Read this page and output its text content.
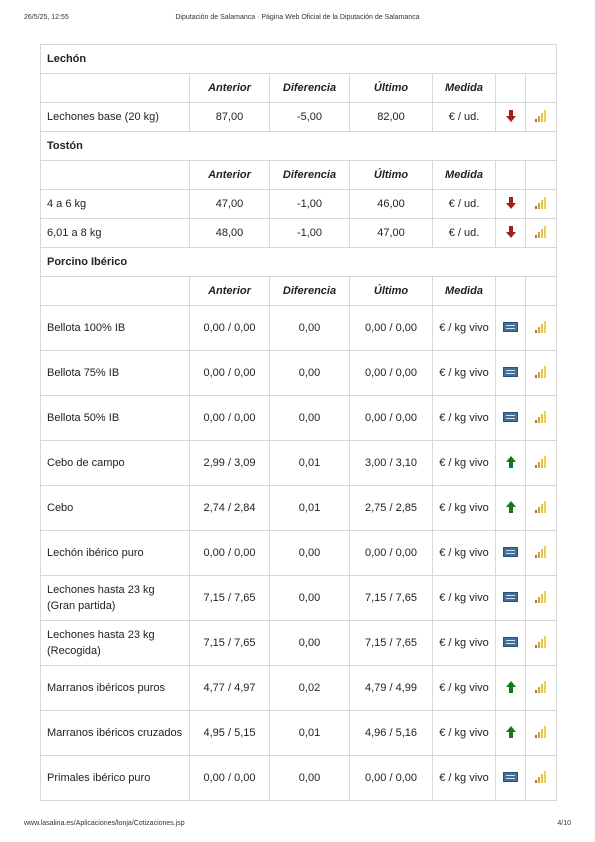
26/5/25, 12:55	Diputación de Salamanca · Página Web Oficial de la Diputación de Salamanca
Lechón						
	Anterior	Diferencia	Último	Medida		
Lechones base (20 kg)	87,00	-5,00	82,00	€ / ud.		

Tostón						
	Anterior	Diferencia	Último	Medida		
4 a 6 kg	47,00	-1,00	46,00	€ / ud.		

6,01 a 8 kg	48,00	-1,00	47,00	€ / ud.		

Porcino Ibérico						
	Anterior	Diferencia	Último	Medida		
Bellota 100% IB	0,00 / 0,00	0,00	0,00 / 0,00	€ / kg vivo		

Bellota 75% IB	0,00 / 0,00	0,00	0,00 / 0,00	€ / kg vivo		

Bellota 50% IB	0,00 / 0,00	0,00	0,00 / 0,00	€ / kg vivo		

Cebo de campo	2,99 / 3,09	0,01	3,00 / 3,10	€ / kg vivo		

Cebo	2,74 / 2,84	0,01	2,75 / 2,85	€ / kg vivo		

Lechón ibérico puro	0,00 / 0,00	0,00	0,00 / 0,00	€ / kg vivo		

Lechones hasta 23 kg (Gran partida)	7,15 / 7,65	0,00	7,15 / 7,65	€ / kg vivo		

Lechones hasta 23 kg (Recogida)	7,15 / 7,65	0,00	7,15 / 7,65	€ / kg vivo		

Marranos ibéricos puros	4,77 / 4,97	0,02	4,79 / 4,99	€ / kg vivo		

Marranos ibéricos cruzados	4,95 / 5,15	0,01	4,96 / 5,16	€ / kg vivo		

Primales ibérico puro	0,00 / 0,00	0,00	0,00 / 0,00	€ / kg vivo		
www.lasalina.es/Aplicaciones/lonja/Cotizaciones.jsp	4/10
